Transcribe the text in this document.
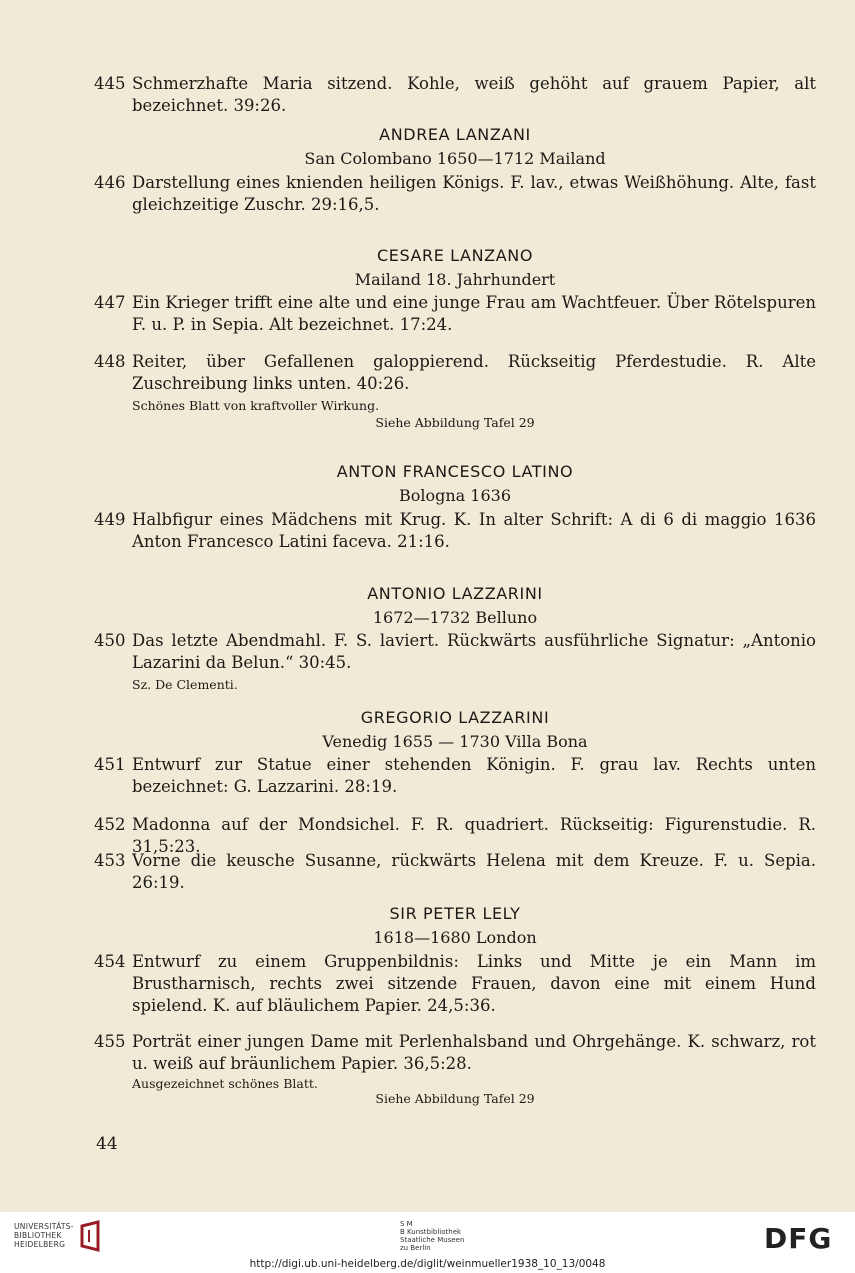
445 Schmerzhafte Maria sitzend. Kohle, weiß gehöht auf grauem Papier, alt bezeichnet. 39:26.
ANDREA LANZANI
San Colombano 1650—1712 Mailand
446 Darstellung eines knienden heiligen Königs. F. lav., etwas Weißhöhung. Alte, fast gleichzeitige Zuschr. 29:16,5.
CESARE LANZANO
Mailand 18. Jahrhundert
447 Ein Krieger trifft eine alte und eine junge Frau am Wachtfeuer. Über Rötelspuren F. u. P. in Sepia. Alt bezeichnet. 17:24.
448 Reiter, über Gefallenen galoppierend. Rückseitig Pferdestudie. R. Alte Zuschreibung links unten. 40:26.
Schönes Blatt von kraftvoller Wirkung.
Siehe Abbildung Tafel 29
ANTON FRANCESCO LATINO
Bologna 1636
449 Halbfigur eines Mädchens mit Krug. K. In alter Schrift: A di 6 di maggio 1636 Anton Francesco Latini faceva. 21:16.
ANTONIO LAZZARINI
1672—1732 Belluno
450 Das letzte Abendmahl. F. S. laviert. Rückwärts ausführliche Signatur: „Antonio Lazarini da Belun.“ 30:45.
Sz. De Clementi.
GREGORIO LAZZARINI
Venedig 1655 — 1730 Villa Bona
451 Entwurf zur Statue einer stehenden Königin. F. grau lav. Rechts unten bezeichnet: G. Lazzarini. 28:19.
452 Madonna auf der Mondsichel. F. R. quadriert. Rückseitig: Figurenstudie. R. 31,5:23.
453 Vorne die keusche Susanne, rückwärts Helena mit dem Kreuze. F. u. Sepia. 26:19.
SIR PETER LELY
1618—1680 London
454 Entwurf zu einem Gruppenbildnis: Links und Mitte je ein Mann im Brustharnisch, rechts zwei sitzende Frauen, davon eine mit einem Hund spielend. K. auf bläulichem Papier. 24,5:36.
455 Porträt einer jungen Dame mit Perlenhalsband und Ohrgehänge. K. schwarz, rot u. weiß auf bräunlichem Papier. 36,5:28.
Ausgezeichnet schönes Blatt.
Siehe Abbildung Tafel 29
44
UNIVERSITÄTS-
BIBLIOTHEK
HEIDELBERG
S M
B Kunstbibliothek
Staatliche Museen
zu Berlin	DFG
http://digi.ub.uni-heidelberg.de/diglit/weinmueller1938_10_13/0048
